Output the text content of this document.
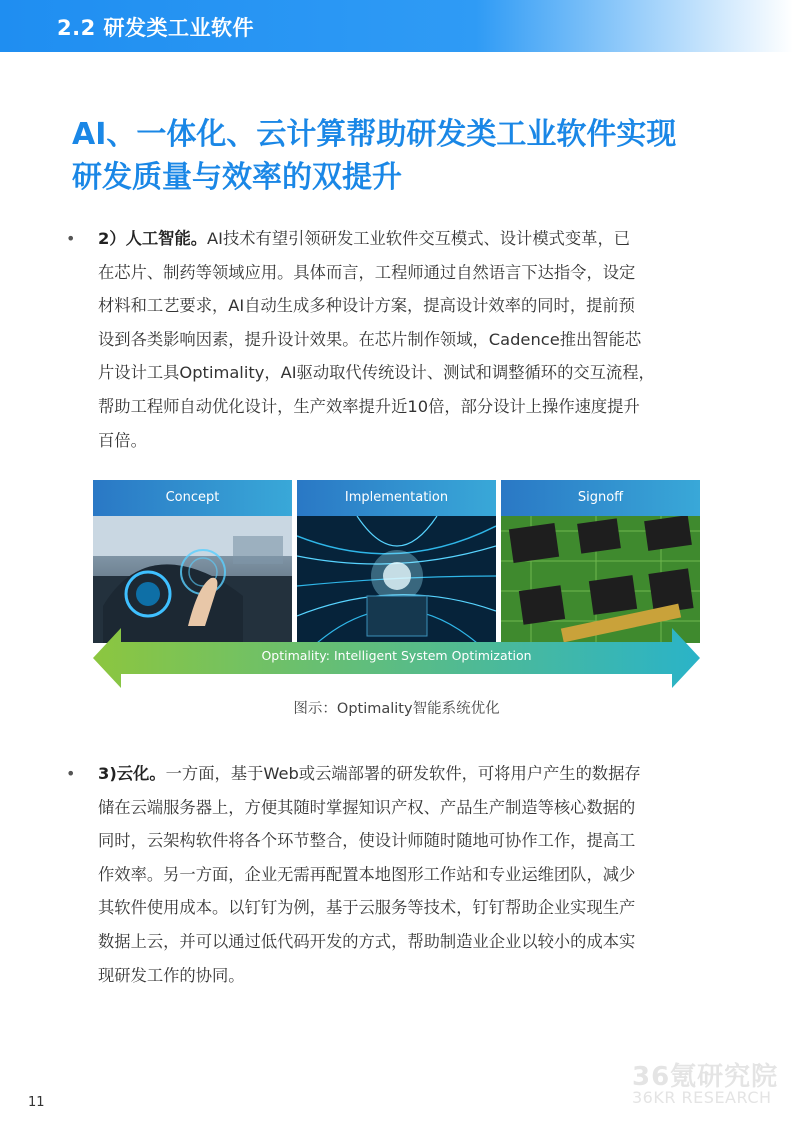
2.2 研发类工业软件
AI、一体化、云计算帮助研发类工业软件实现
研发质量与效率的双提升
• 2）人工智能。AI技术有望引领研发工业软件交互模式、设计模式变革，已
在芯片、制药等领域应用。具体而言，工程师通过自然语言下达指令，设定
材料和工艺要求，AI自动生成多种设计方案，提高设计效率的同时，提前预
设到各类影响因素，提升设计效果。在芯片制作领域，Cadence推出智能芯
片设计工具Optimality，AI驱动取代传统设计、测试和调整循环的交互流程，
帮助工程师自动优化设计，生产效率提升近10倍，部分设计上操作速度提升
百倍。
Concept	Implementation	Signoff
Optimality: Intelligent System Optimization
图示：Optimality智能系统优化
• 3)云化。一方面，基于Web或云端部署的研发软件，可将用户产生的数据存
储在云端服务器上，方便其随时掌握知识产权、产品生产制造等核心数据的
同时，云架构软件将各个环节整合，使设计师随时随地可协作工作，提高工
作效率。另一方面，企业无需再配置本地图形工作站和专业运维团队，减少
其软件使用成本。以钉钉为例，基于云服务等技术，钉钉帮助企业实现生产
数据上云，并可以通过低代码开发的方式，帮助制造业企业以较小的成本实
现研发工作的协同。
11
36氪研究院
36KR RESEARCH
